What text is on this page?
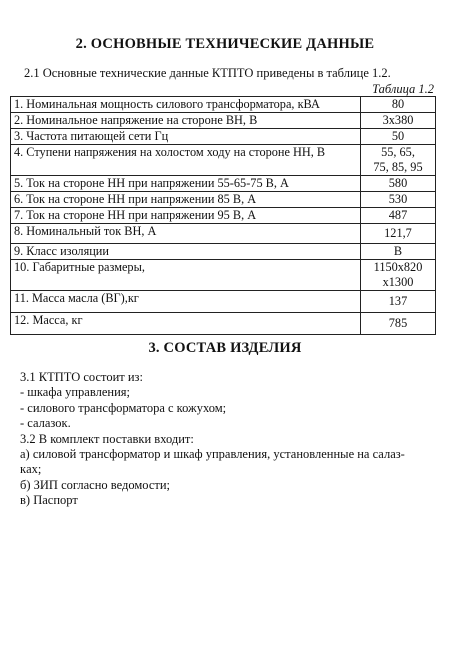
2. ОСНОВНЫЕ ТЕХНИЧЕСКИЕ ДАННЫЕ
2.1 Основные технические данные КТПТО приведены в таблице 1.2.
Таблица 1.2
1. Номинальная мощность силового трансформатора, кВА	80
2. Номинальное напряжение на стороне ВН, В	3x380
3. Частота питающей сети Гц	50
4. Ступени напряжения на холостом ходу на стороне НН, В	55, 65,
75, 85, 95
5. Ток на стороне НН при напряжении 55-65-75 В, А	580
6. Ток на стороне НН при напряжении 85 В, А	530
7. Ток на стороне НН при напряжении 95 В, А	487
8. Номинальный ток ВН, А	121,7
9. Класс изоляции	В
10. Габаритные размеры,	1150x820
x1300
11. Масса масла (ВГ),кг	137
12. Масса, кг	785
3. СОСТАВ ИЗДЕЛИЯ
3.1 КТПТО состоит из:
- шкафа управления;
- силового трансформатора с кожухом;
- салазок.
3.2 В комплект поставки входит:
а) силовой трансформатор и шкаф управления, установленные на салаз-
кax;
б) ЗИП согласно ведомости;
в) Паспорт
